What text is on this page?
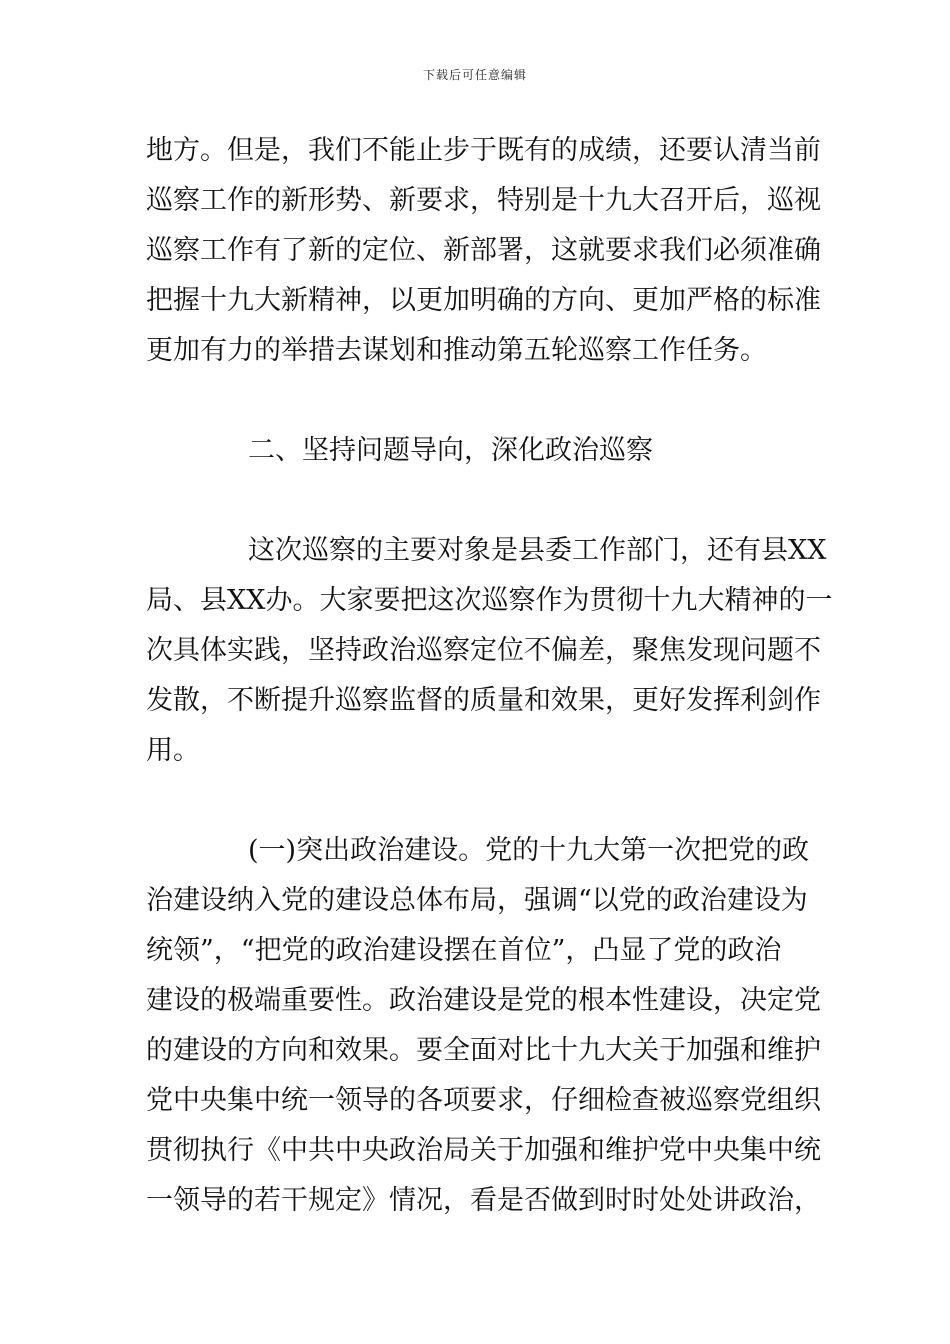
下载后可任意编辑
地方。但是，我们不能止步于既有的成绩，还要认清当前
巡察工作的新形势、新要求，特别是十九大召开后，巡视
巡察工作有了新的定位、新部署，这就要求我们必须准确
把握十九大新精神，以更加明确的方向、更加严格的标准
更加有力的举措去谋划和推动第五轮巡察工作任务。
二、坚持问题导向，深化政治巡察
这次巡察的主要对象是县委工作部门，还有县XX
局、县XX办。大家要把这次巡察作为贯彻十九大精神的一
次具体实践，坚持政治巡察定位不偏差，聚焦发现问题不
发散，不断提升巡察监督的质量和效果，更好发挥利剑作
用。
(一)突出政治建设。党的十九大第一次把党的政
治建设纳入党的建设总体布局，强调“以党的政治建设为
统领”，“把党的政治建设摆在首位”，凸显了党的政治
建设的极端重要性。政治建设是党的根本性建设，决定党
的建设的方向和效果。要全面对比十九大关于加强和维护
党中央集中统一领导的各项要求，仔细检查被巡察党组织
贯彻执行《中共中央政治局关于加强和维护党中央集中统
一领导的若干规定》情况，看是否做到时时处处讲政治，
